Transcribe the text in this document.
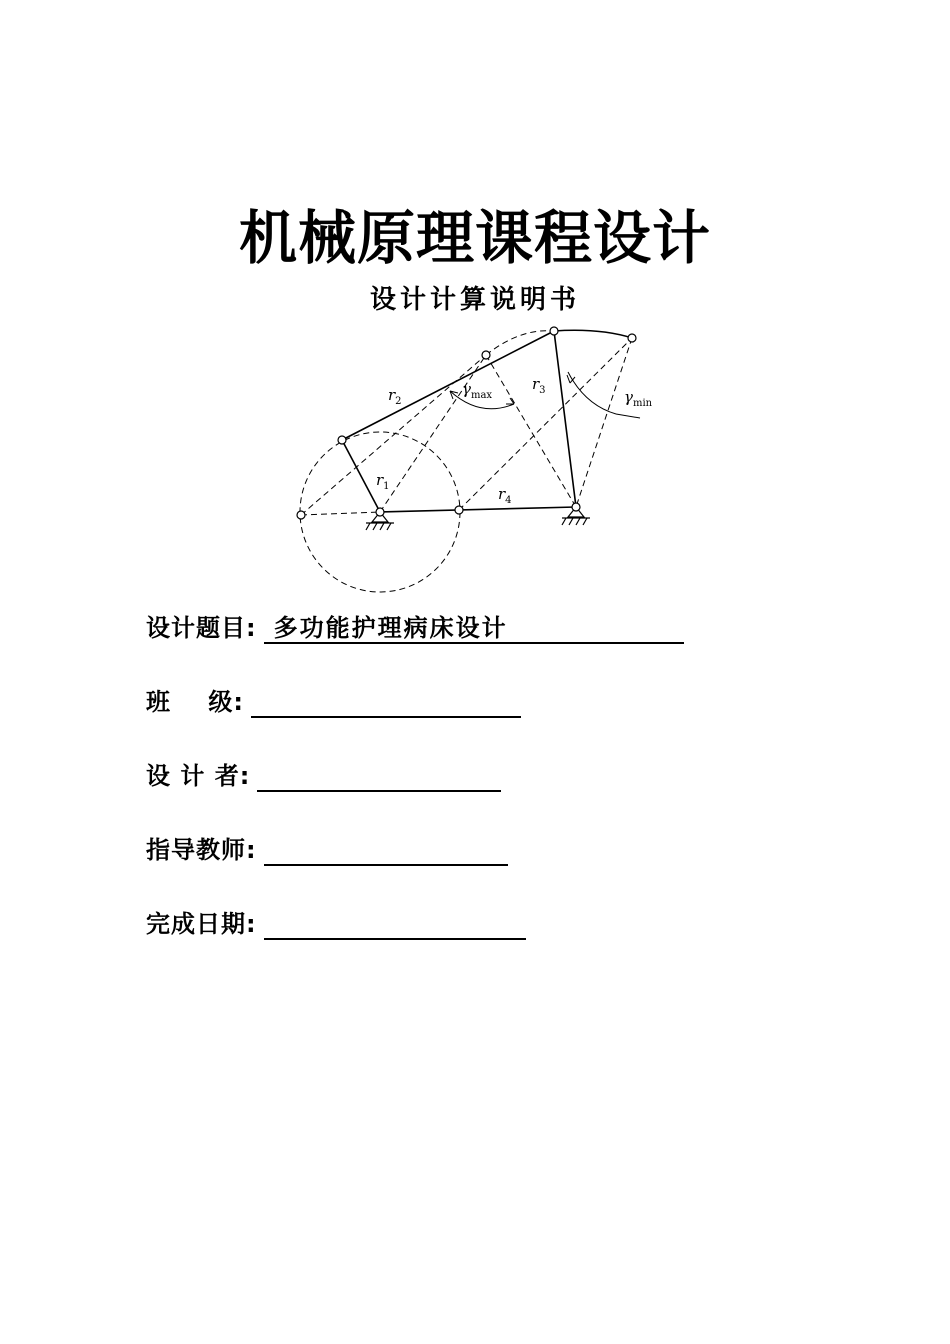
机械原理课程设计
设计计算说明书
$r_2$
$r_1$
$r_3$
$r_4$
$\gamma_{max}$	$\gamma_{min}$
设计题目 : 多功能护理病床设计
班    级 :
设 计 者 :
指导教师 :
完成日期 :
